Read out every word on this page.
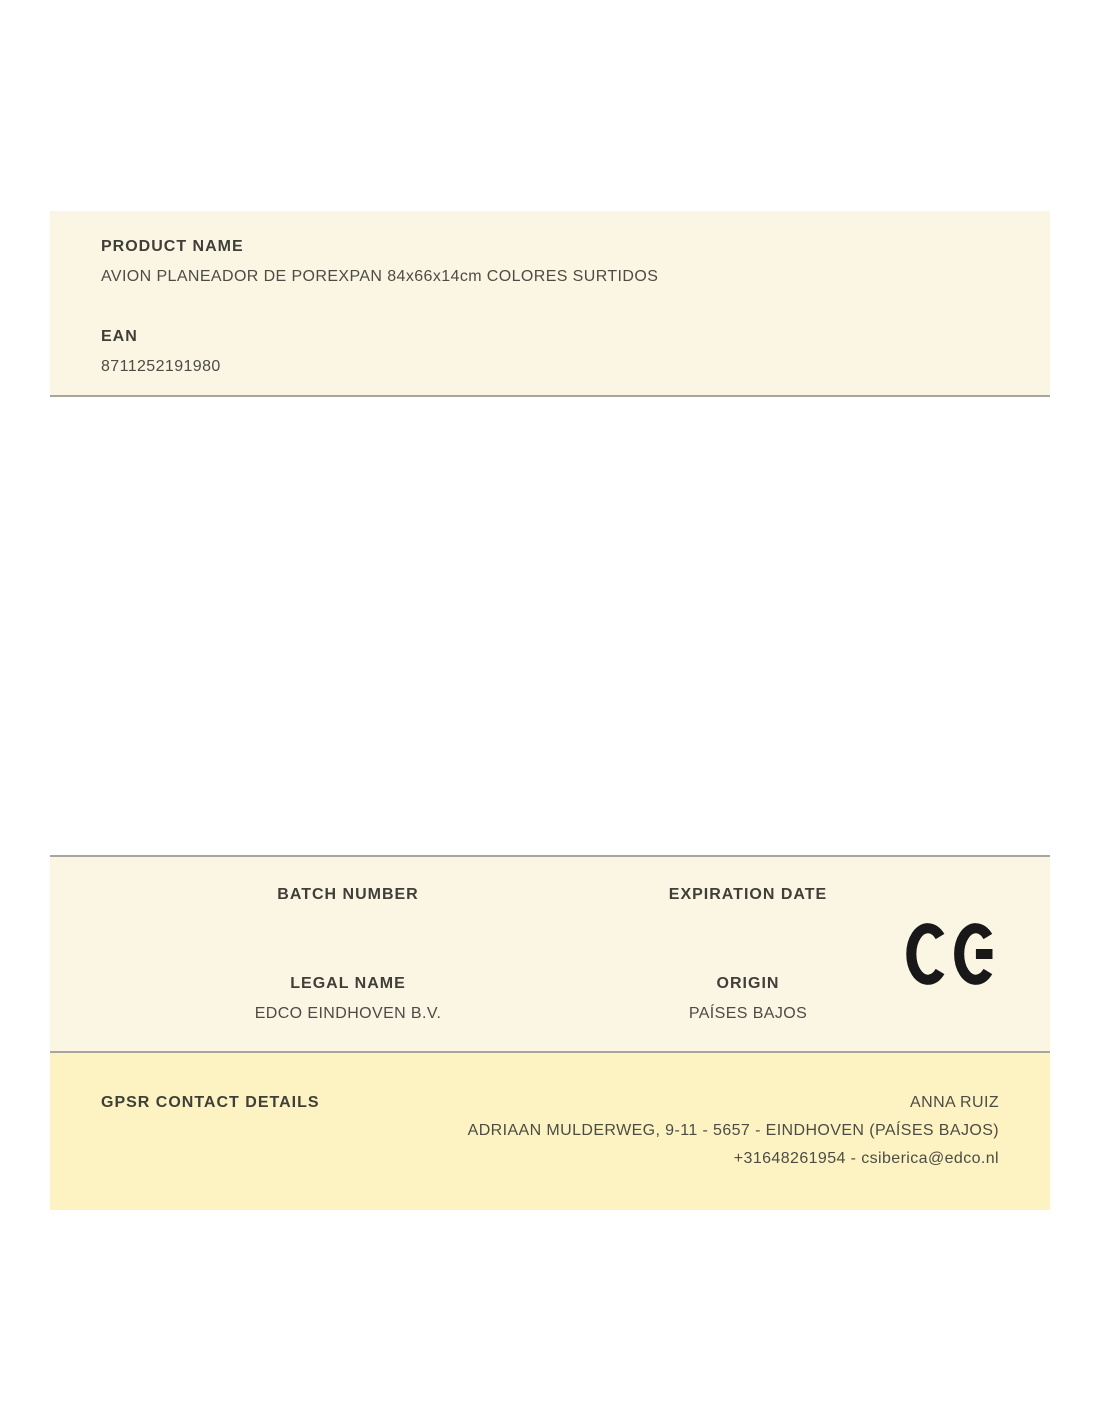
PRODUCT NAME
AVION PLANEADOR DE POREXPAN 84x66x14cm COLORES SURTIDOS
EAN
8711252191980
BATCH NUMBER	EXPIRATION DATE
LEGAL NAME	ORIGIN
EDCO EINDHOVEN B.V.	PAÍSES BAJOS
GPSR CONTACT DETAILS	ANNA RUIZ
ADRIAAN MULDERWEG, 9-11 - 5657 - EINDHOVEN (PAÍSES BAJOS)
+31648261954 - csiberica@edco.nl
